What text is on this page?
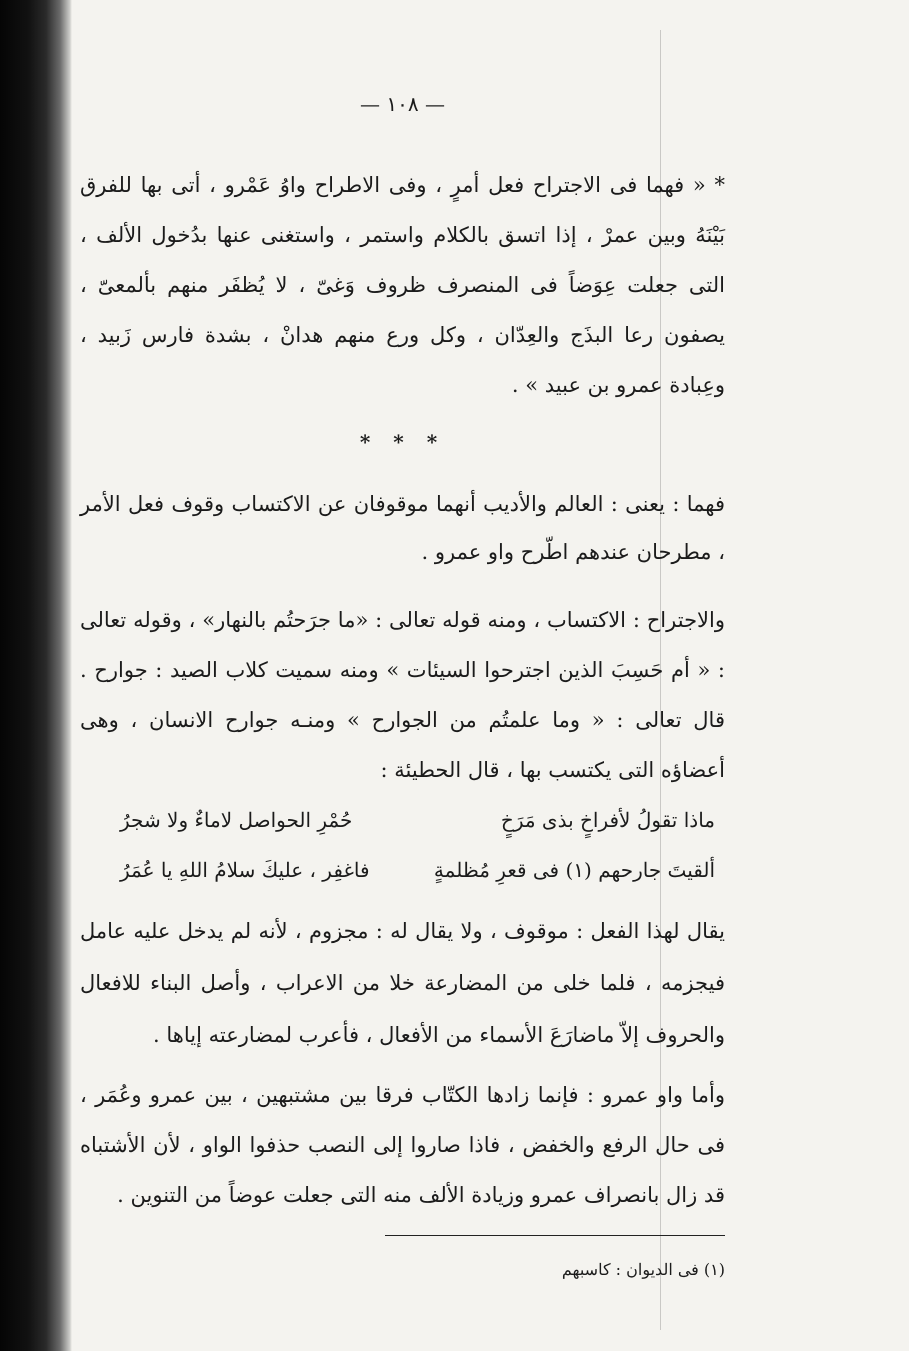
— ١٠٨ —
* « فهما فى الاجتراح فعل أمرٍ ، وفى الاطراح واوُ عَمْرو ، أتى بها للفرق بَيْنَهُ وبين عمرْ ، إذا اتسق بالكلام واستمر ، واستغنى عنها بدُخول الألف ، التى جعلت عِوَضاً فى المنصرف ظروف وَغىّ ، لا يُظفَر منهم بألمعىّ ، يصفون رعا البذَج والعِدّان ، وكل ورع منهم هدانْ ، بشدة فارس زَبيد ، وعِبادة عمرو بن عبيد » .
* * *
فهما : يعنى : العالم والأديب أنهما موقوفان عن الاكتساب وقوف فعل الأمر ، مطرحان عندهم اطّرح واو عمرو .
والاجتراح : الاكتساب ، ومنه قوله تعالى : «ما جرَحتُم بالنهار» ، وقوله تعالى : « أم حَسِبَ الذين اجترحوا السيئات » ومنه سميت كلاب الصيد : جوارح . قال تعالى : « وما علمتُم من الجوارح » ومنـه جوارح الانسان ، وهى أعضاؤه التى يكتسب بها ، قال الحطيئة :
ماذا تقولُ لأفراخٍ بذى مَرَخٍ
حُمْرِ الحواصل لاماءٌ ولا شجرُ
ألقيتَ جارحهم (١) فى قعرِ مُظلمةٍ
فاغفِر ، عليكَ سلامُ اللهِ يا عُمَرُ
يقال لهذا الفعل : موقوف ، ولا يقال له : مجزوم ، لأنه لم يدخل عليه عامل فيجزمه ، فلما خلى من المضارعة خلا من الاعراب ، وأصل البناء للافعال والحروف إلاّ ماضارَعَ الأسماء من الأفعال ، فأعرب لمضارعته إياها .
وأما واو عمرو : فإنما زادها الكتّاب فرقا بين مشتبهين ، بين عمرو وعُمَر ، فى حال الرفع والخفض ، فاذا صاروا إلى النصب حذفوا الواو ، لأن الأشتباه قد زال بانصراف عمرو وزيادة الألف منه التى جعلت عوضاً من التنوين .
(١) فى الديوان : كاسبهم
